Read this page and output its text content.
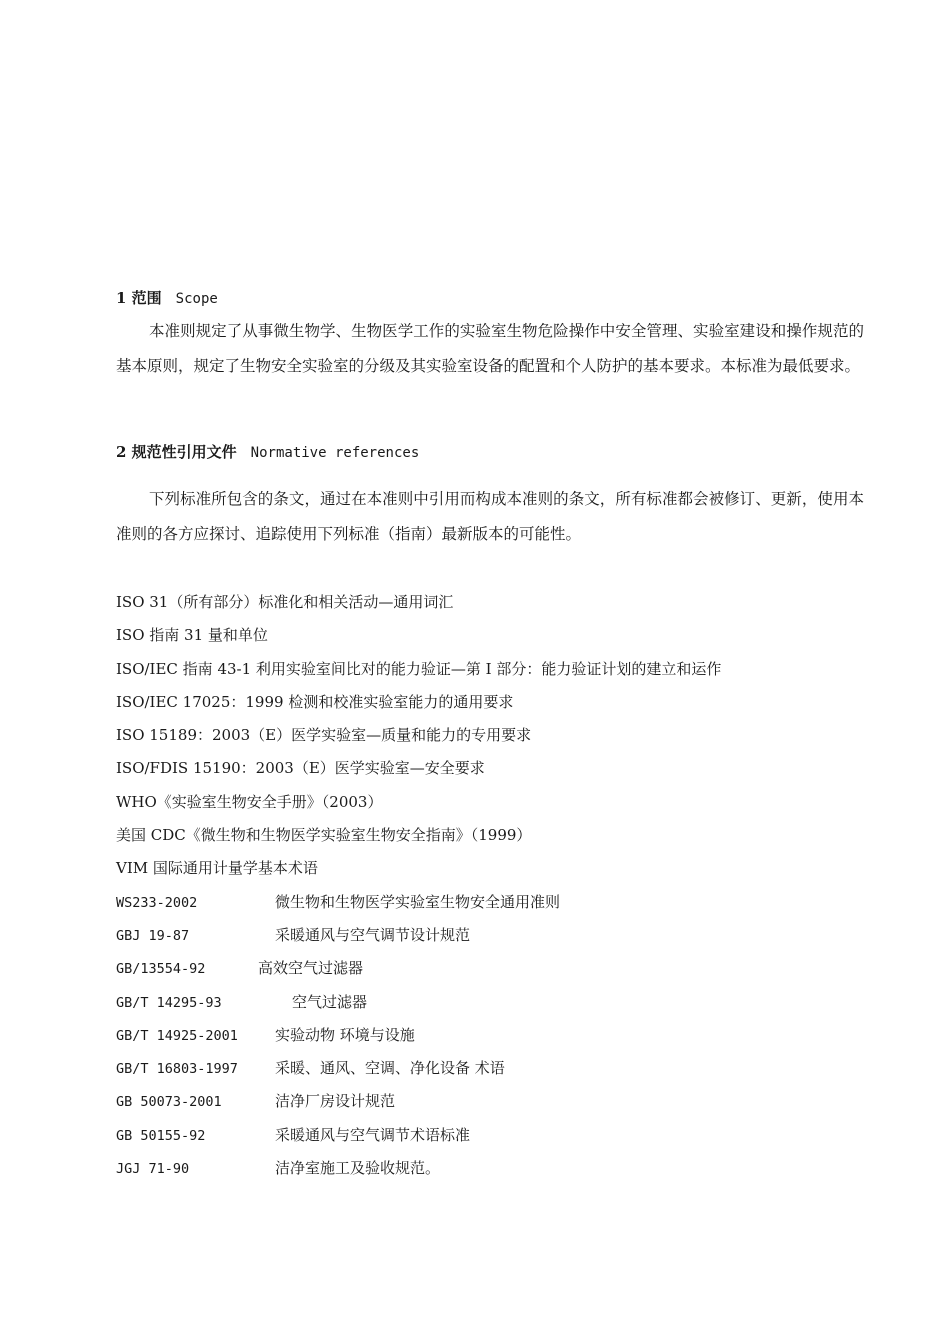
1 范围 Scope

本准则规定了从事微生物学、生物医学工作的实验室生物危险操作中安全管理、实验室建设和操作规范的基本原则，规定了生物安全实验室的分级及其实验室设备的配置和个人防护的基本要求。本标准为最低要求。

2 规范性引用文件 Normative references

下列标准所包含的条文，通过在本准则中引用而构成本准则的条文，所有标准都会被修订、更新，使用本准则的各方应探讨、追踪使用下列标准（指南）最新版本的可能性。

ISO 31（所有部分）标准化和相关活动—通用词汇
ISO 指南 31 量和单位
ISO/IEC 指南 43-1 利用实验室间比对的能力验证—第 I 部分：能力验证计划的建立和运作
ISO/IEC 17025：1999 检测和校准实验室能力的通用要求
ISO 15189：2003（E）医学实验室—质量和能力的专用要求
ISO/FDIS 15190：2003（E）医学实验室—安全要求
WHO《实验室生物安全手册》（2003）
美国 CDC《微生物和生物医学实验室生物安全指南》（1999）
VIM 国际通用计量学基本术语
WS233-2002	微生物和生物医学实验室生物安全通用准则
GBJ 19-87	采暖通风与空气调节设计规范
GB/13554-92	高效空气过滤器
GB/T 14295-93	空气过滤器
GB/T 14925-2001 实验动物 环境与设施
GB/T 16803-1997 采暖、通风、空调、净化设备 术语
GB 50073-2001	洁净厂房设计规范
GB 50155-92	采暖通风与空气调节术语标准
JGJ 71-90	洁净室施工及验收规范。
